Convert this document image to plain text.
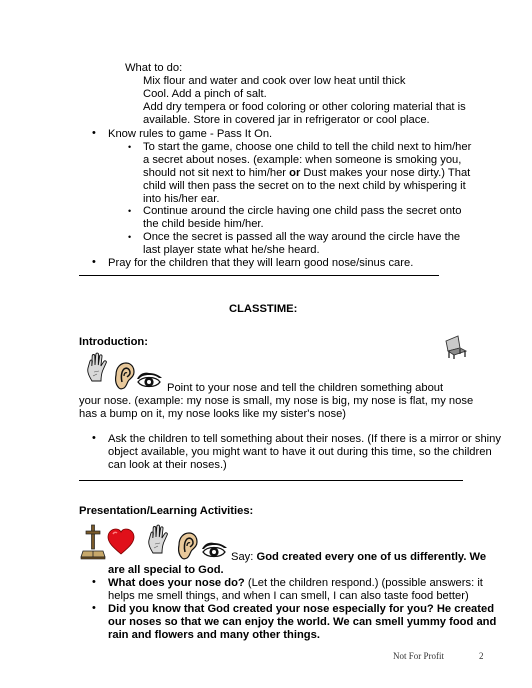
What to do:
Mix flour and water and cook over low heat until thick
Cool. Add a pinch of salt.
Add dry tempera or food coloring or other coloring material that is
available. Store in covered jar in refrigerator or cool place.
• Know rules to game - Pass It On.
• To start the game, choose one child to tell the child next to him/her
a secret about noses. (example: when someone is smoking you,
should not sit next to him/her or Dust makes your nose dirty.) That
child will then pass the secret on to the next child by whispering it
into his/her ear.
• Continue around the circle having one child pass the secret onto
the child beside him/her.
• Once the secret is passed all the way around the circle have the
last player state what he/she heard.
• Pray for the children that they will learn good nose/sinus care.
CLASSTIME:
Introduction:
Point to your nose and tell the children something about
your nose. (example: my nose is small, my nose is big, my nose is flat, my nose
has a bump on it, my nose looks like my sister's nose)
• Ask the children to tell something about their noses. (If there is a mirror or shiny
object available, you might want to have it out during this time, so the children
can look at their noses.)
Presentation/Learning Activities:
Say: God created every one of us differently. We
are all special to God.
• What does your nose do? (Let the children respond.) (possible answers: it
helps me smell things, and when I can smell, I can also taste food better)
• Did you know that God created your nose especially for you? He created
our noses so that we can enjoy the world. We can smell yummy food and
rain and flowers and many other things.
Not For Profit	2
